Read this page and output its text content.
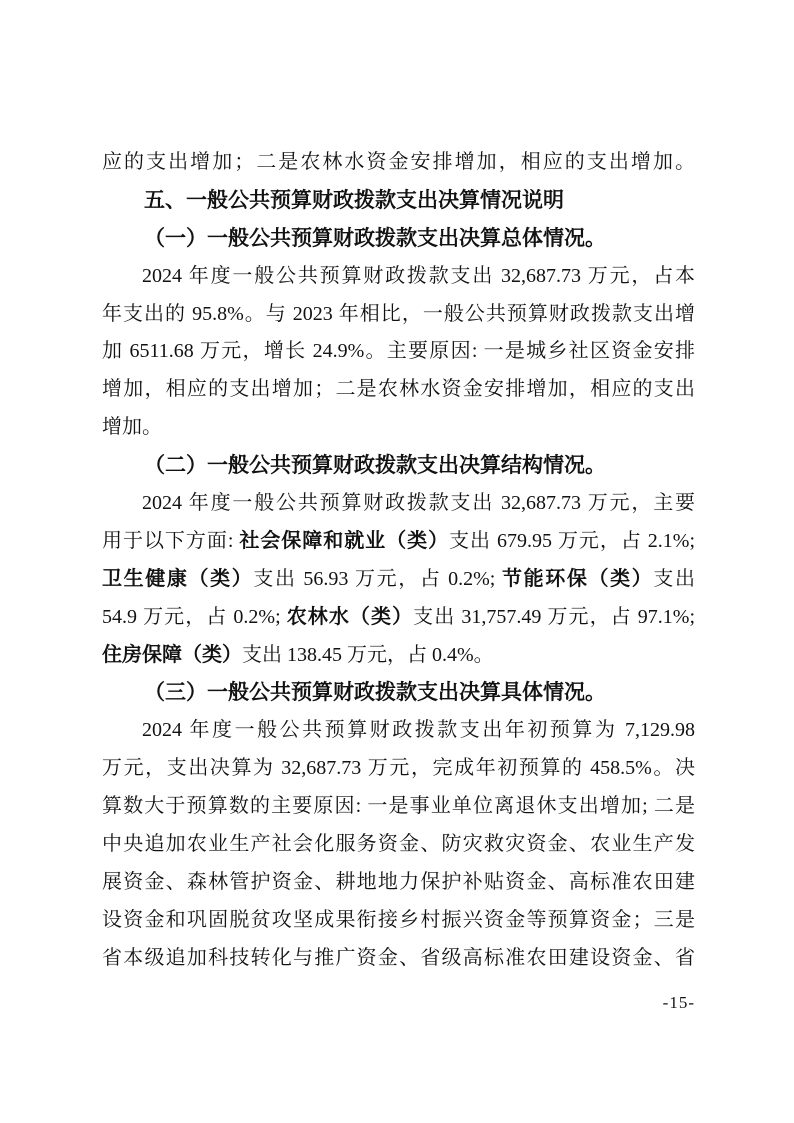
应的支出增加；二是农林水资金安排增加，相应的支出增加。
五、一般公共预算财政拨款支出决算情况说明
（一）一般公共预算财政拨款支出决算总体情况。
2024 年度一般公共预算财政拨款支出 32,687.73 万元，占本
年支出的 95.8%。与 2023 年相比，一般公共预算财政拨款支出增
加 6511.68 万元，增长 24.9%。主要原因: 一是城乡社区资金安排
增加，相应的支出增加；二是农林水资金安排增加，相应的支出
增加。
（二）一般公共预算财政拨款支出决算结构情况。
2024 年度一般公共预算财政拨款支出 32,687.73 万元，主要
用于以下方面: 社会保障和就业（类）支出 679.95 万元，占 2.1%;
卫生健康（类）支出 56.93 万元，占 0.2%; 节能环保（类）支出
54.9 万元，占 0.2%; 农林水（类）支出 31,757.49 万元，占 97.1%;
住房保障（类）支出 138.45 万元，占 0.4%。
（三）一般公共预算财政拨款支出决算具体情况。
2024 年度一般公共预算财政拨款支出年初预算为 7,129.98
万元，支出决算为 32,687.73 万元，完成年初预算的 458.5%。决
算数大于预算数的主要原因: 一是事业单位离退休支出增加; 二是
中央追加农业生产社会化服务资金、防灾救灾资金、农业生产发
展资金、森林管护资金、耕地地力保护补贴资金、高标准农田建
设资金和巩固脱贫攻坚成果衔接乡村振兴资金等预算资金；三是
省本级追加科技转化与推广资金、省级高标准农田建设资金、省
-15-
